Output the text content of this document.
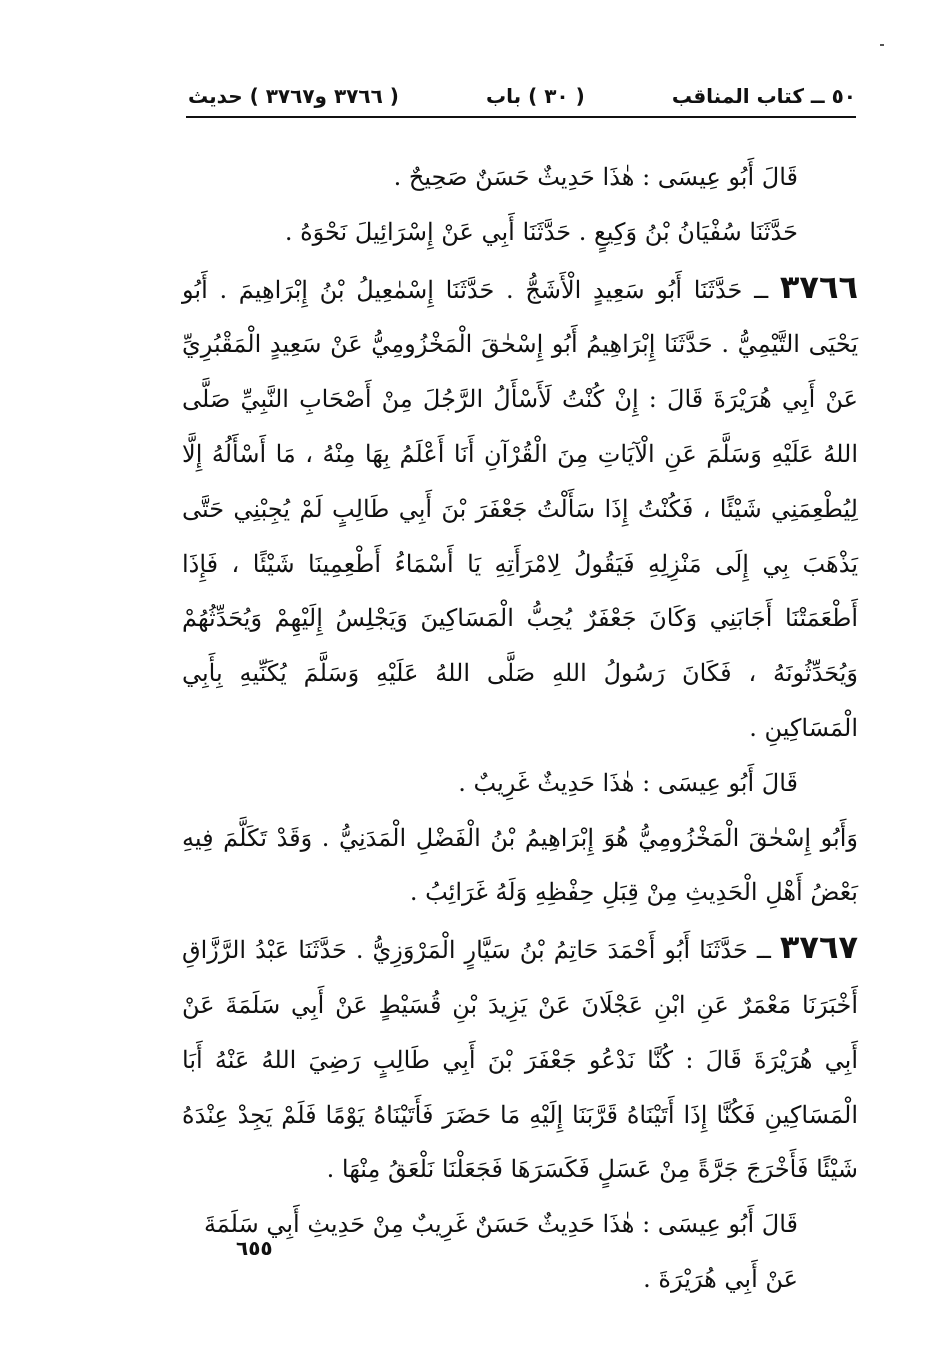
٥٠ ــ كتاب المناقب
( ٣٠ ) باب
( ٣٧٦٦ و٣٧٦٧ ) حديث

قَالَ أَبُو عِيسَى : هٰذَا حَدِيثٌ حَسَنٌ صَحِيحٌ .

حَدَّثَنَا سُفْيَانُ بْنُ وَكِيعٍ . حَدَّثَنَا أَبِي عَنْ إِسْرَائِيلَ نَحْوَهُ .

٣٧٦٦ ــ حَدَّثَنَا أَبُو سَعِيدٍ الْأَشَجُّ . حَدَّثَنَا إِسْمٰعِيلُ بْنُ إِبْرَاهِيمَ . أَبُو يَحْيَى التَّيْمِيُّ . حَدَّثَنَا إِبْرَاهِيمُ أَبُو إِسْحٰقَ الْمَخْزُومِيُّ عَنْ سَعِيدٍ الْمَقْبُرِيِّ عَنْ أَبِي هُرَيْرَةَ قَالَ : إِنْ كُنْتُ لَأَسْأَلُ الرَّجُلَ مِنْ أَصْحَابِ النَّبِيِّ صَلَّى اللهُ عَلَيْهِ وَسَلَّمَ عَنِ الْآيَاتِ مِنَ الْقُرْآنِ أَنَا أَعْلَمُ بِهَا مِنْهُ ، مَا أَسْأَلُهُ إِلَّا لِيُطْعِمَنِي شَيْئًا ، فَكُنْتُ إِذَا سَأَلْتُ جَعْفَرَ بْنَ أَبِي طَالِبٍ لَمْ يُجِبْنِي حَتَّى يَذْهَبَ بِي إِلَى مَنْزِلِهِ فَيَقُولُ لِامْرَأَتِهِ يَا أَسْمَاءُ أَطْعِمِينَا شَيْئًا ، فَإِذَا أَطْعَمَتْنَا أَجَابَنِي وَكَانَ جَعْفَرٌ يُحِبُّ الْمَسَاكِينَ وَيَجْلِسُ إِلَيْهِمْ وَيُحَدِّثُهُمْ وَيُحَدِّثُونَهُ ، فَكَانَ رَسُولُ اللهِ صَلَّى اللهُ عَلَيْهِ وَسَلَّمَ يُكَنِّيهِ بِأَبِي الْمَسَاكِينِ .

قَالَ أَبُو عِيسَى : هٰذَا حَدِيثٌ غَرِيبٌ .

وَأَبُو إِسْحٰقَ الْمَخْزُومِيُّ هُوَ إِبْرَاهِيمُ بْنُ الْفَضْلِ الْمَدَنِيُّ . وَقَدْ تَكَلَّمَ فِيهِ بَعْضُ أَهْلِ الْحَدِيثِ مِنْ قِبَلِ حِفْظِهِ وَلَهُ غَرَائِبُ .

٣٧٦٧ ــ حَدَّثَنَا أَبُو أَحْمَدَ حَاتِمُ بْنُ سَيَّارٍ الْمَرْوَزِيُّ . حَدَّثَنَا عَبْدُ الرَّزَّاقِ أَخْبَرَنَا مَعْمَرٌ عَنِ ابْنِ عَجْلَانَ عَنْ يَزِيدَ بْنِ قُسَيْطٍ عَنْ أَبِي سَلَمَةَ عَنْ أَبِي هُرَيْرَةَ قَالَ : كُنَّا نَدْعُو جَعْفَرَ بْنَ أَبِي طَالِبٍ رَضِيَ اللهُ عَنْهُ أَبَا الْمَسَاكِينِ فَكُنَّا إِذَا أَتَيْنَاهُ قَرَّبَنَا إِلَيْهِ مَا حَضَرَ فَأَتَيْنَاهُ يَوْمًا فَلَمْ يَجِدْ عِنْدَهُ شَيْئًا فَأَخْرَجَ جَرَّةً مِنْ عَسَلٍ فَكَسَرَهَا فَجَعَلْنَا نَلْعَقُ مِنْهَا .

قَالَ أَبُو عِيسَى : هٰذَا حَدِيثٌ حَسَنٌ غَرِيبٌ مِنْ حَدِيثِ أَبِي سَلَمَةَ عَنْ أَبِي هُرَيْرَةَ .

٦٥٥
